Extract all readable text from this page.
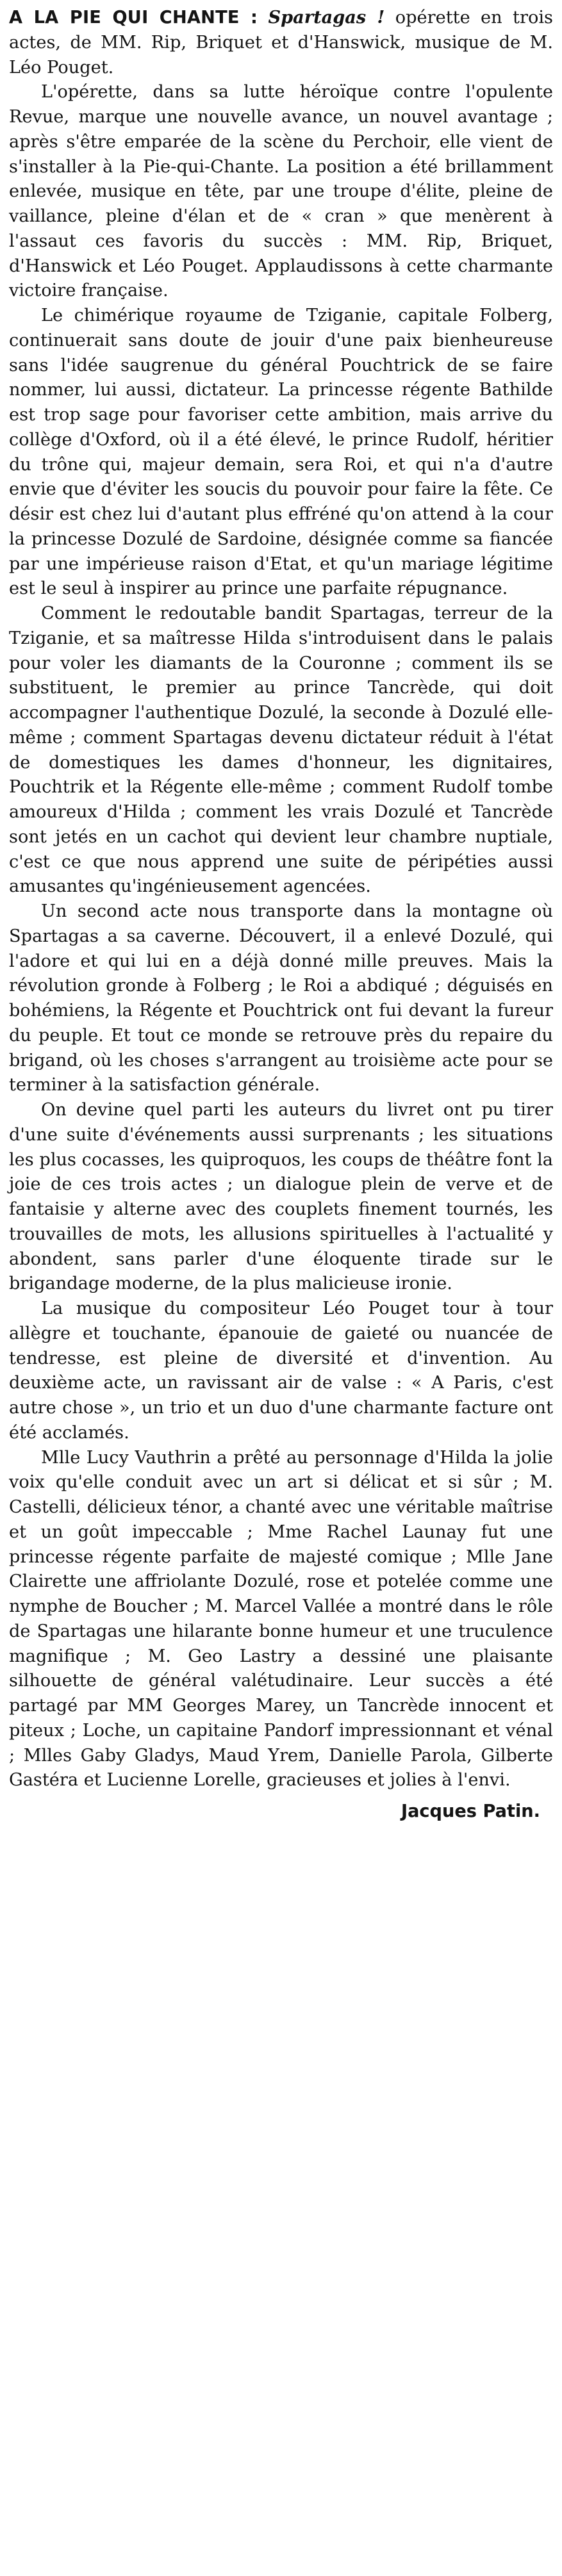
A LA PIE QUI CHANTE : Spartagas ! opérette en trois actes, de MM. Rip, Briquet et d'Hanswick, musique de M. Léo Pouget.

L'opérette, dans sa lutte héroïque contre l'opulente Revue, marque une nouvelle avance, un nouvel avantage ; après s'être emparée de la scène du Perchoir, elle vient de s'installer à la Pie-qui-Chante. La position a été brillamment enlevée, musique en tête, par une troupe d'élite, pleine de vaillance, pleine d'élan et de « cran » que menèrent à l'assaut ces favoris du succès : MM. Rip, Briquet, d'Hanswick et Léo Pouget. Applaudissons à cette charmante victoire française.

Le chimérique royaume de Tziganie, capitale Folberg, continuerait sans doute de jouir d'une paix bienheureuse sans l'idée saugrenue du général Pouchtrick de se faire nommer, lui aussi, dictateur. La princesse régente Bathilde est trop sage pour favoriser cette ambition, mais arrive du collège d'Oxford, où il a été élevé, le prince Rudolf, héritier du trône qui, majeur demain, sera Roi, et qui n'a d'autre envie que d'éviter les soucis du pouvoir pour faire la fête. Ce désir est chez lui d'autant plus effréné qu'on attend à la cour la princesse Dozulé de Sardoine, désignée comme sa fiancée par une impérieuse raison d'Etat, et qu'un mariage légitime est le seul à inspirer au prince une parfaite répugnance.

Comment le redoutable bandit Spartagas, terreur de la Tziganie, et sa maîtresse Hilda s'introduisent dans le palais pour voler les diamants de la Couronne ; comment ils se substituent, le premier au prince Tancrède, qui doit accompagner l'authentique Dozulé, la seconde à Dozulé elle-même ; comment Spartagas devenu dictateur réduit à l'état de domestiques les dames d'honneur, les dignitaires, Pouchtrik et la Régente elle-même ; comment Rudolf tombe amoureux d'Hilda ; comment les vrais Dozulé et Tancrède sont jetés en un cachot qui devient leur chambre nuptiale, c'est ce que nous apprend une suite de péripéties aussi amusantes qu'ingénieusement agencées.

Un second acte nous transporte dans la montagne où Spartagas a sa caverne. Découvert, il a enlevé Dozulé, qui l'adore et qui lui en a déjà donné mille preuves. Mais la révolution gronde à Folberg ; le Roi a abdiqué ; déguisés en bohémiens, la Régente et Pouchtrick ont fui devant la fureur du peuple. Et tout ce monde se retrouve près du repaire du brigand, où les choses s'arrangent au troisième acte pour se terminer à la satisfaction générale.

On devine quel parti les auteurs du livret ont pu tirer d'une suite d'événements aussi surprenants ; les situations les plus cocasses, les quiproquos, les coups de théâtre font la joie de ces trois actes ; un dialogue plein de verve et de fantaisie y alterne avec des couplets finement tournés, les trouvailles de mots, les allusions spirituelles à l'actualité y abondent, sans parler d'une éloquente tirade sur le brigandage moderne, de la plus malicieuse ironie.

La musique du compositeur Léo Pouget tour à tour allègre et touchante, épanouie de gaieté ou nuancée de tendresse, est pleine de diversité et d'invention. Au deuxième acte, un ravissant air de valse : « A Paris, c'est autre chose », un trio et un duo d'une charmante facture ont été acclamés.

Mlle Lucy Vauthrin a prêté au personnage d'Hilda la jolie voix qu'elle conduit avec un art si délicat et si sûr ; M. Castelli, délicieux ténor, a chanté avec une véritable maîtrise et un goût impeccable ; Mme Rachel Launay fut une princesse régente parfaite de majesté comique ; Mlle Jane Clairette une affriolante Dozulé, rose et potelée comme une nymphe de Boucher ; M. Marcel Vallée a montré dans le rôle de Spartagas une hilarante bonne humeur et une truculence magnifique ; M. Geo Lastry a dessiné une plaisante silhouette de général valétudinaire. Leur succès a été partagé par MM Georges Marey, un Tancrède innocent et piteux ; Loche, un capitaine Pandorf impressionnant et vénal ; Mlles Gaby Gladys, Maud Yrem, Danielle Parola, Gilberte Gastéra et Lucienne Lorelle, gracieuses et jolies à l'envi.

Jacques Patin.
